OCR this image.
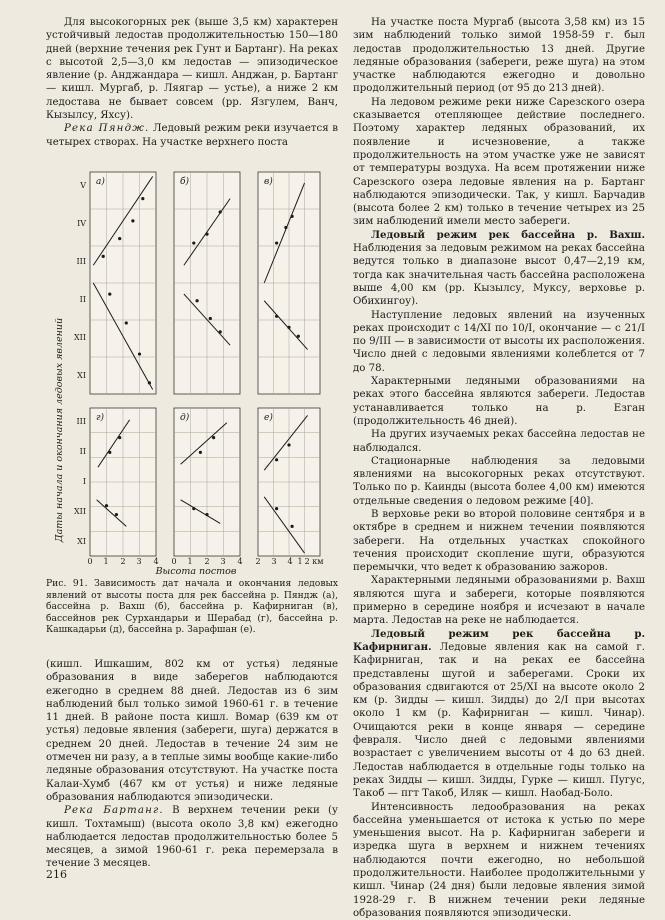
Для высокогорных рек (выше 3,5 км) характерен устойчивый ледостав продолжительностью 150—180 дней (верхние течения рек Гунт и Бартанг). На реках с высотой 2,5—3,0 км ледостав — эпизодическое явление (р. Анджандара — кишл. Анджан, р. Бартанг — кишл. Мургаб, р. Ляягар — устье), а ниже 2 км ледостава не бывает совсем (рр. Язгулем, Ванч, Кызылсу, Яхсу).

Река Пяндж. Ледовый режим реки изучается в четырех створах. На участке верхнего поста

Даты начала и окончания ледовых явлений
Высота постов
а)	б)	в)
г)	д)	е)
V
IV
III
II
XII
XI
III
II
I
XII
XI
0 1 2 3 4 0 1 2 3 4 2 3 4 1 2 км
Рис. 91. Зависимость дат начала и окончания ледовых явлений от высоты поста для рек бассейна р. Пяндж (а), бассейна р. Вахш (б), бассейна р. Кафирниган (в), бассейнов рек Сурхандарьи и Шерабад (г), бассейна р. Кашкадарьи (д), бассейна р. Зарафшан (е).

(кишл. Ишкашим, 802 км от устья) ледяные образования в виде заберегов наблюдаются ежегодно в среднем 88 дней. Ледостав из 6 зим наблюдений был только зимой 1960-61 г. в течение 11 дней. В районе поста кишл. Вомар (639 км от устья) ледовые явления (забереги, шуга) держатся в среднем 20 дней. Ледостав в течение 24 зим не отмечен ни разу, а в теплые зимы вообще какие-либо ледяные образования отсутствуют. На участке поста Калаи-Хумб (467 км от устья) и ниже ледяные образования наблюдаются эпизодически.

Река Бартанг. В верхнем течении реки (у кишл. Тохтамыш) (высота около 3,8 км) ежегодно наблюдается ледостав продолжительностью более 5 месяцев, а зимой 1960-61 г. река перемерзала в течение 3 месяцев.

На участке поста Мургаб (высота 3,58 км) из 15 зим наблюдений только зимой 1958-59 г. был ледостав продолжительностью 13 дней. Другие ледяные образования (забереги, реже шуга) на этом участке наблюдаются ежегодно и довольно продолжительный период (от 95 до 213 дней).

На ледовом режиме реки ниже Сарезского озера сказывается отепляющее действие последнего. Поэтому характер ледяных образований, их появление и исчезновение, а также продолжительность на этом участке уже не зависят от температуры воздуха. На всем протяжении ниже Сарезского озера ледовые явления на р. Бартанг наблюдаются эпизодически. Так, у кишл. Барчадив (высота более 2 км) только в течение четырех из 25 зим наблюдений имели место забереги.

Ледовый режим рек бассейна р. Вахш. Наблюдения за ледовым режимом на реках бассейна ведутся только в диапазоне высот 0,47—2,19 км, тогда как значительная часть бассейна расположена выше 4,00 км (рр. Кызылсу, Муксу, верховье р. Обихингоу).

Наступление ледовых явлений на изученных реках происходит с 14/XI по 10/I, окончание — с 21/I по 9/III — в зависимости от высоты их расположения. Число дней с ледовыми явлениями колеблется от 7 до 78.

Характерными ледяными образованиями на реках этого бассейна являются забереги. Ледостав устанавливается только на р. Езган (продолжительность 46 дней).

На других изучаемых реках бассейна ледостав не наблюдался.

Стационарные наблюдения за ледовыми явлениями на высокогорных реках отсутствуют. Только по р. Каинды (высота более 4,00 км) имеются отдельные сведения о ледовом режиме [40].

В верховье реки во второй половине сентября и в октябре в среднем и нижнем течении появляются забереги. На отдельных участках спокойного течения происходит скопление шуги, образуются перемычки, что ведет к образованию зажоров.

Характерными ледяными образованиями р. Вахш являются шуга и забереги, которые появляются примерно в середине ноября и исчезают в начале марта. Ледостав на реке не наблюдается.

Ледовый режим рек бассейна р. Кафирниган. Ледовые явления как на самой г. Кафирниган, так и на реках ее бассейна представлены шугой и заберегами. Сроки их образования сдвигаются от 25/XI на высоте около 2 км (р. Зидды — кишл. Зидды) до 2/I при высотах около 1 км (р. Кафирниган — кишл. Чинар). Очищаются реки в конце января — середине февраля. Число дней с ледовыми явлениями возрастает с увеличением высоты от 4 до 63 дней. Ледостав наблюдается в отдельные годы только на реках Зидды — кишл. Зидды, Гурке — кишл. Пугус, Такоб — пгт Такоб, Иляк — кишл. Наобад-Боло.

Интенсивность ледообразования на реках бассейна уменьшается от истока к устью по мере уменьшения высот. На р. Кафирниган забереги и изредка шуга в верхнем и нижнем течениях наблюдаются почти ежегодно, но небольшой продолжительности. Наиболее продолжительными у кишл. Чинар (24 дня) были ледовые явления зимой 1928-29 г. В нижнем течении реки ледяные образования появляются эпизодически.

216
